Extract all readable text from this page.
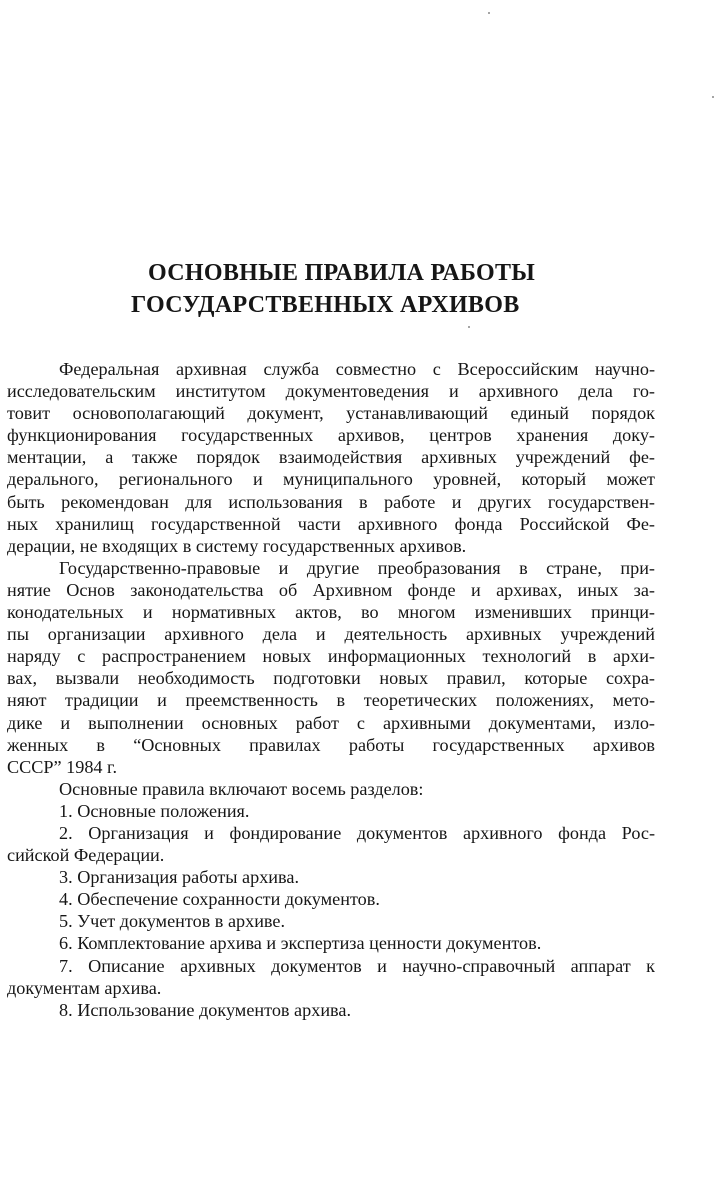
ОСНОВНЫЕ ПРАВИЛА РАБОТЫ
ГОСУДАРСТВЕННЫХ АРХИВОВ
Федеральная архивная служба совместно с Всероссийским научно-
исследовательским институтом документоведения и архивного дела го-
товит основополагающий документ, устанавливающий единый порядок
функционирования государственных архивов, центров хранения доку-
ментации, а также порядок взаимодействия архивных учреждений фе-
дерального, регионального и муниципального уровней, который может
быть рекомендован для использования в работе и других государствен-
ных хранилищ государственной части архивного фонда Российской Фе-
дерации, не входящих в систему государственных архивов.
Государственно-правовые и другие преобразования в стране, при-
нятие Основ законодательства об Архивном фонде и архивах, иных за-
конодательных и нормативных актов, во многом изменивших принци-
пы организации архивного дела и деятельность архивных учреждений
наряду с распространением новых информационных технологий в архи-
вах, вызвали необходимость подготовки новых правил, которые сохра-
няют традиции и преемственность в теоретических положениях, мето-
дике и выполнении основных работ с архивными документами, изло-
женных в “Основных правилах работы государственных архивов
СССР” 1984 г.
Основные правила включают восемь разделов:
1. Основные положения.
2. Организация и фондирование документов архивного фонда Рос-
сийской Федерации.
3. Организация работы архива.
4. Обеспечение сохранности документов.
5. Учет документов в архиве.
6. Комплектование архива и экспертиза ценности документов.
7. Описание архивных документов и научно-справочный аппарат к
документам архива.
8. Использование документов архива.
